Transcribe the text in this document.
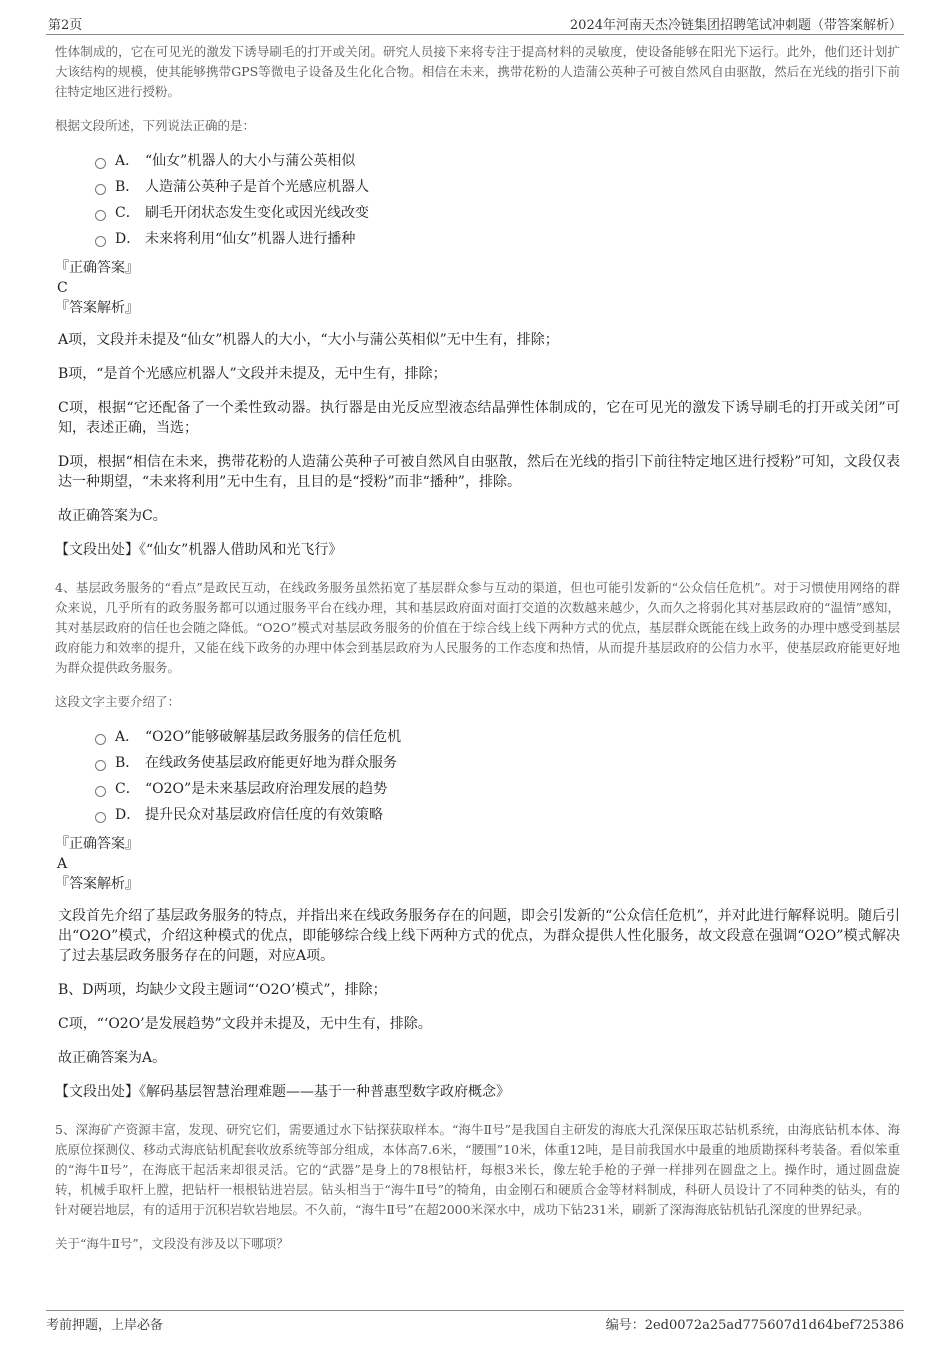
第2页	2024年河南天杰冷链集团招聘笔试冲刺题（带答案解析）

性体制成的，它在可见光的激发下诱导刷毛的打开或关闭。研究人员接下来将专注于提高材料的灵敏度，使设备能够在阳光下运行。此外，他们还计划扩大该结构的规模，使其能够携带GPS等微电子设备及生化化合物。相信在未来，携带花粉的人造蒲公英种子可被自然风自由驱散，然后在光线的指引下前往特定地区进行授粉。

根据文段所述，下列说法正确的是：

A． “仙女”机器人的大小与蒲公英相似
B． 人造蒲公英种子是首个光感应机器人
C． 刷毛开闭状态发生变化或因光线改变
D． 未来将利用“仙女”机器人进行播种

『正确答案』

C

『答案解析』

A项，文段并未提及“仙女”机器人的大小，“大小与蒲公英相似”无中生有，排除；

B项，“是首个光感应机器人”文段并未提及，无中生有，排除；

C项，根据“它还配备了一个柔性致动器。执行器是由光反应型液态结晶弹性体制成的，它在可见光的激发下诱导刷毛的打开或关闭”可知，表述正确，当选；

D项，根据“相信在未来，携带花粉的人造蒲公英种子可被自然风自由驱散，然后在光线的指引下前往特定地区进行授粉”可知，文段仅表达一种期望，“未来将利用”无中生有，且目的是“授粉”而非“播种”，排除。

故正确答案为C。

【文段出处】《“仙女”机器人借助风和光飞行》

4、基层政务服务的“看点”是政民互动，在线政务服务虽然拓宽了基层群众参与互动的渠道，但也可能引发新的“公众信任危机”。对于习惯使用网络的群众来说，几乎所有的政务服务都可以通过服务平台在线办理，其和基层政府面对面打交道的次数越来越少，久而久之将弱化其对基层政府的“温情”感知，其对基层政府的信任也会随之降低。“O2O”模式对基层政务服务的价值在于综合线上线下两种方式的优点，基层群众既能在线上政务的办理中感受到基层政府能力和效率的提升，又能在线下政务的办理中体会到基层政府为人民服务的工作态度和热情，从而提升基层政府的公信力水平，使基层政府能更好地为群众提供政务服务。

这段文字主要介绍了：

A． “O2O”能够破解基层政务服务的信任危机
B． 在线政务使基层政府能更好地为群众服务
C． “O2O”是未来基层政府治理发展的趋势
D． 提升民众对基层政府信任度的有效策略

『正确答案』

A

『答案解析』

文段首先介绍了基层政务服务的特点，并指出来在线政务服务存在的问题，即会引发新的“公众信任危机”，并对此进行解释说明。随后引出“O2O”模式，介绍这种模式的优点，即能够综合线上线下两种方式的优点，为群众提供人性化服务，故文段意在强调“O2O”模式解决了过去基层政务服务存在的问题，对应A项。

B、D两项，均缺少文段主题词“‘O2O’模式”，排除；

C项，“‘O2O’是发展趋势”文段并未提及，无中生有，排除。

故正确答案为A。

【文段出处】《解码基层智慧治理难题——基于一种普惠型数字政府概念》

5、深海矿产资源丰富，发现、研究它们，需要通过水下钻探获取样本。“海牛Ⅱ号”是我国自主研发的海底大孔深保压取芯钻机系统，由海底钻机本体、海底原位探测仪、移动式海底钻机配套收放系统等部分组成，本体高7.6米，“腰围”10米，体重12吨，是目前我国水中最重的地质勘探科考装备。看似笨重的“海牛Ⅱ号”，在海底干起活来却很灵活。它的“武器”是身上的78根钻杆，每根3米长，像左轮手枪的子弹一样排列在圆盘之上。操作时，通过圆盘旋转，机械手取杆上膛，把钻杆一根根钻进岩层。钻头相当于“海牛Ⅱ号”的犄角，由金刚石和硬质合金等材料制成，科研人员设计了不同种类的钻头，有的针对硬岩地层，有的适用于沉积岩软岩地层。不久前，“海牛Ⅱ号”在超2000米深水中，成功下钻231米，刷新了深海海底钻机钻孔深度的世界纪录。

关于“海牛Ⅱ号”，文段没有涉及以下哪项？

考前押题，上岸必备	编号：2ed0072a25ad775607d1d64bef725386
